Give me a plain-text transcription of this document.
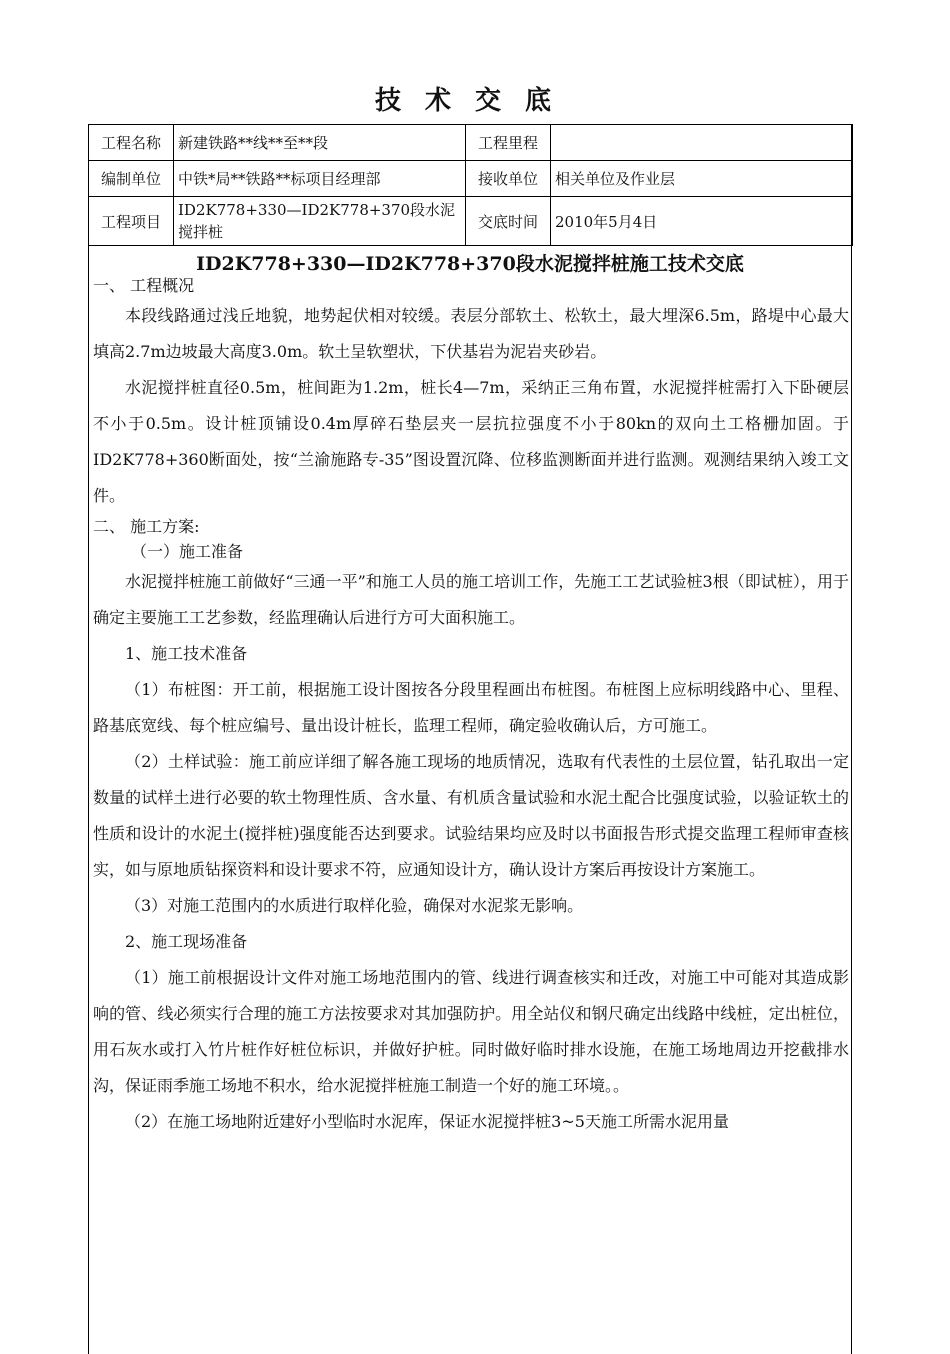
技术交底
工程名称	新建铁路**线**至**段	工程里程	
编制单位	中铁*局**铁路**标项目经理部	接收单位	相关单位及作业层
工程项目	ID2K778+330—ID2K778+370段水泥搅拌桩	交底时间	2010年5月4日
ID2K778+330—ID2K778+370段水泥搅拌桩施工技术交底

一、 工程概况

本段线路通过浅丘地貌，地势起伏相对较缓。表层分部软土、松软土，最大埋深6.5m，路堤中心最大填高2.7m边坡最大高度3.0m。软土呈软塑状，下伏基岩为泥岩夹砂岩。

水泥搅拌桩直径0.5m，桩间距为1.2m，桩长4—7m，采纳正三角布置，水泥搅拌桩需打入下卧硬层不小于0.5m。设计桩顶铺设0.4m厚碎石垫层夹一层抗拉强度不小于80kn的双向土工格栅加固。于ID2K778+360断面处，按“兰渝施路专-35”图设置沉降、位移监测断面并进行监测。观测结果纳入竣工文件。

二、 施工方案:

（一）施工准备

水泥搅拌桩施工前做好“三通一平”和施工人员的施工培训工作，先施工工艺试验桩3根（即试桩），用于确定主要施工工艺参数，经监理确认后进行方可大面积施工。

1、施工技术准备

（1）布桩图：开工前，根据施工设计图按各分段里程画出布桩图。布桩图上应标明线路中心、里程、路基底宽线、每个桩应编号、量出设计桩长，监理工程师，确定验收确认后，方可施工。

（2）土样试验：施工前应详细了解各施工现场的地质情况，选取有代表性的土层位置，钻孔取出一定数量的试样土进行必要的软土物理性质、含水量、有机质含量试验和水泥土配合比强度试验，以验证软土的性质和设计的水泥土(搅拌桩)强度能否达到要求。试验结果均应及时以书面报告形式提交监理工程师审查核实，如与原地质钻探资料和设计要求不符，应通知设计方，确认设计方案后再按设计方案施工。

（3）对施工范围内的水质进行取样化验，确保对水泥浆无影响。

2、施工现场准备

（1）施工前根据设计文件对施工场地范围内的管、线进行调查核实和迁改，对施工中可能对其造成影响的管、线必须实行合理的施工方法按要求对其加强防护。用全站仪和钢尺确定出线路中线桩，定出桩位，用石灰水或打入竹片桩作好桩位标识，并做好护桩。同时做好临时排水设施，在施工场地周边开挖截排水沟，保证雨季施工场地不积水，给水泥搅拌桩施工制造一个好的施工环境。。

（2）在施工场地附近建好小型临时水泥库，保证水泥搅拌桩3~5天施工所需水泥用量
